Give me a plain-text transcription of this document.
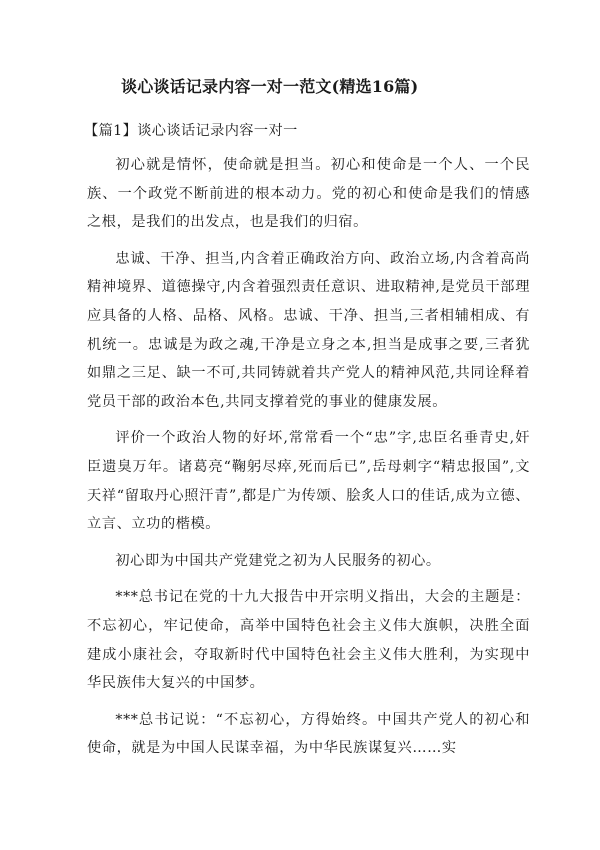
谈心谈话记录内容一对一范文(精选16篇)
【篇1】谈心谈话记录内容一对一

初心就是情怀，使命就是担当。初心和使命是一个人、一个民族、一个政党不断前进的根本动力。党的初心和使命是我们的情感之根，是我们的出发点，也是我们的归宿。

忠诚、干净、担当,内含着正确政治方向、政治立场,内含着高尚精神境界、道德操守,内含着强烈责任意识、进取精神,是党员干部理应具备的人格、品格、风格。忠诚、干净、担当,三者相辅相成、有机统一。忠诚是为政之魂,干净是立身之本,担当是成事之要,三者犹如鼎之三足、缺一不可,共同铸就着共产党人的精神风范,共同诠释着党员干部的政治本色,共同支撑着党的事业的健康发展。

评价一个政治人物的好坏,常常看一个“忠”字,忠臣名垂青史,奸臣遗臭万年。诸葛亮“鞠躬尽瘁,死而后已”,岳母刺字“精忠报国”,文天祥“留取丹心照汗青”,都是广为传颂、脍炙人口的佳话,成为立德、立言、立功的楷模。

初心即为中国共产党建党之初为人民服务的初心。

***总书记在党的十九大报告中开宗明义指出，大会的主题是：不忘初心，牢记使命，高举中国特色社会主义伟大旗帜，决胜全面建成小康社会，夺取新时代中国特色社会主义伟大胜利，为实现中华民族伟大复兴的中国梦。

***总书记说：“不忘初心，方得始终。中国共产党人的初心和使命，就是为中国人民谋幸福，为中华民族谋复兴……实
